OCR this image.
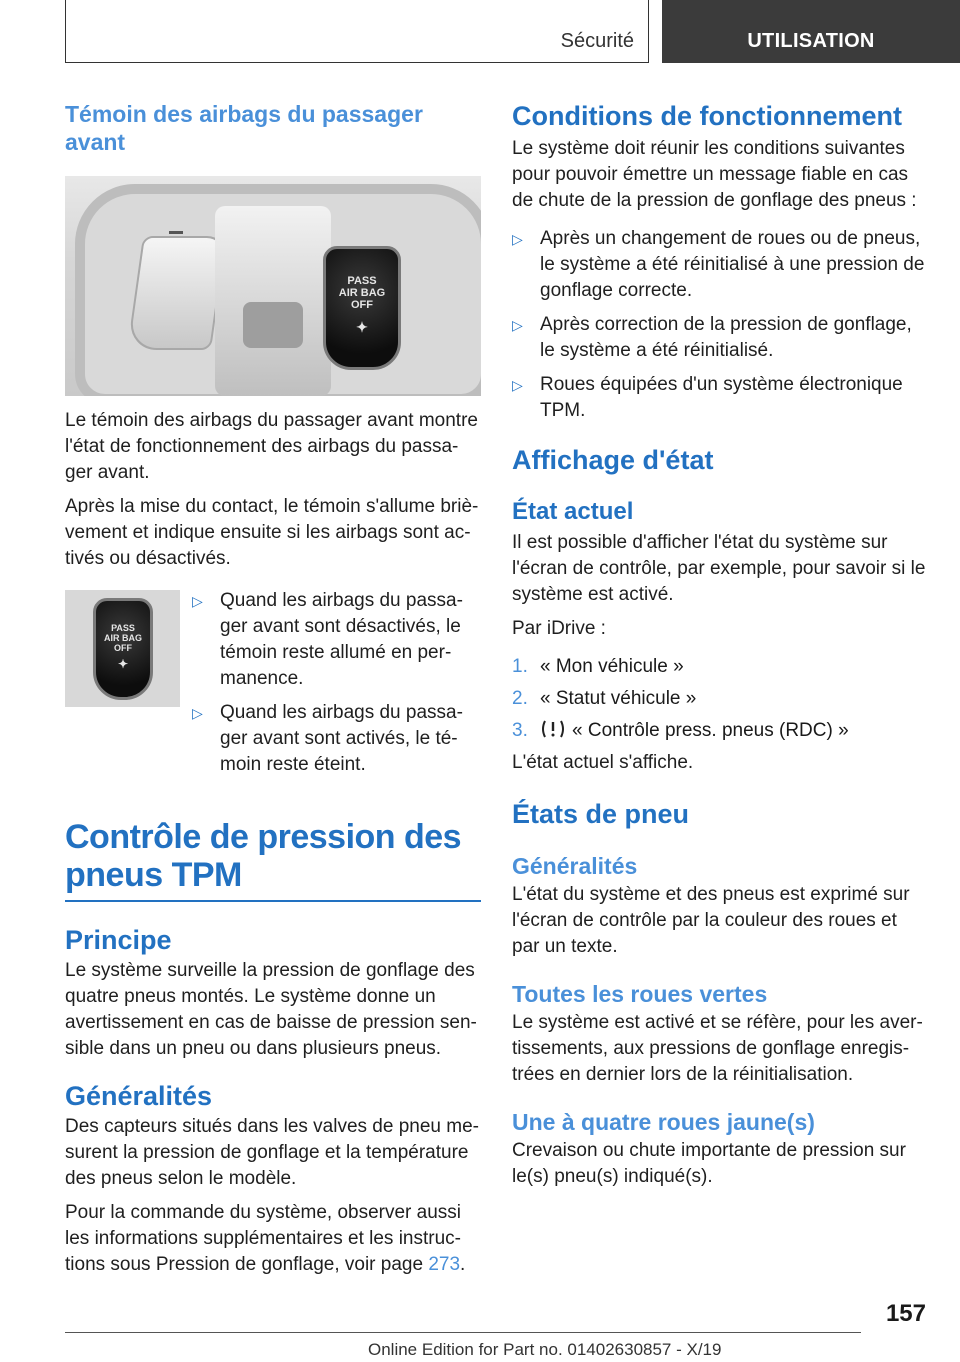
Sécurité	UTILISATION
Témoin des airbags du passager avant
PASS
AIR BAG
OFF
✦

Le témoin des airbags du passager avant montre l'état de fonctionnement des airbags du passa-ger avant.

Après la mise du contact, le témoin s'allume briè-vement et indique ensuite si les airbags sont ac-tivés ou désactivés.

PASS
AIR BAG
OFF
✦
▷ Quand les airbags du passa-ger avant sont désactivés, le témoin reste allumé en per-manence.
▷ Quand les airbags du passa-ger avant sont activés, le té-moin reste éteint.
Contrôle de pression des pneus TPM
Principe

Le système surveille la pression de gonflage des quatre pneus montés. Le système donne un avertissement en cas de baisse de pression sen-sible dans un pneu ou dans plusieurs pneus.

Généralités

Des capteurs situés dans les valves de pneu me-surent la pression de gonflage et la température des pneus selon le modèle.

Pour la commande du système, observer aussi les informations supplémentaires et les instruc-tions sous Pression de gonflage, voir page 273.

Conditions de fonctionnement

Le système doit réunir les conditions suivantes pour pouvoir émettre un message fiable en cas de chute de la pression de gonflage des pneus :

▷ Après un changement de roues ou de pneus, le système a été réinitialisé à une pression de gonflage correcte.
▷ Après correction de la pression de gonflage, le système a été réinitialisé.
▷ Roues équipées d'un système électronique TPM.
Affichage d'état
État actuel

Il est possible d'afficher l'état du système sur l'écran de contrôle, par exemple, pour savoir si le système est activé.

Par iDrive :

1. « Mon véhicule »
2. « Statut véhicule »
3. « Contrôle press. pneus (RDC) »

L'état actuel s'affiche.

États de pneu
Généralités

L'état du système et des pneus est exprimé sur l'écran de contrôle par la couleur des roues et par un texte.

Toutes les roues vertes

Le système est activé et se réfère, pour les aver-tissements, aux pressions de gonflage enregis-trées en dernier lors de la réinitialisation.

Une à quatre roues jaune(s)

Crevaison ou chute importante de pression sur le(s) pneu(s) indiqué(s).

157
Online Edition for Part no. 01402630857 - X/19
